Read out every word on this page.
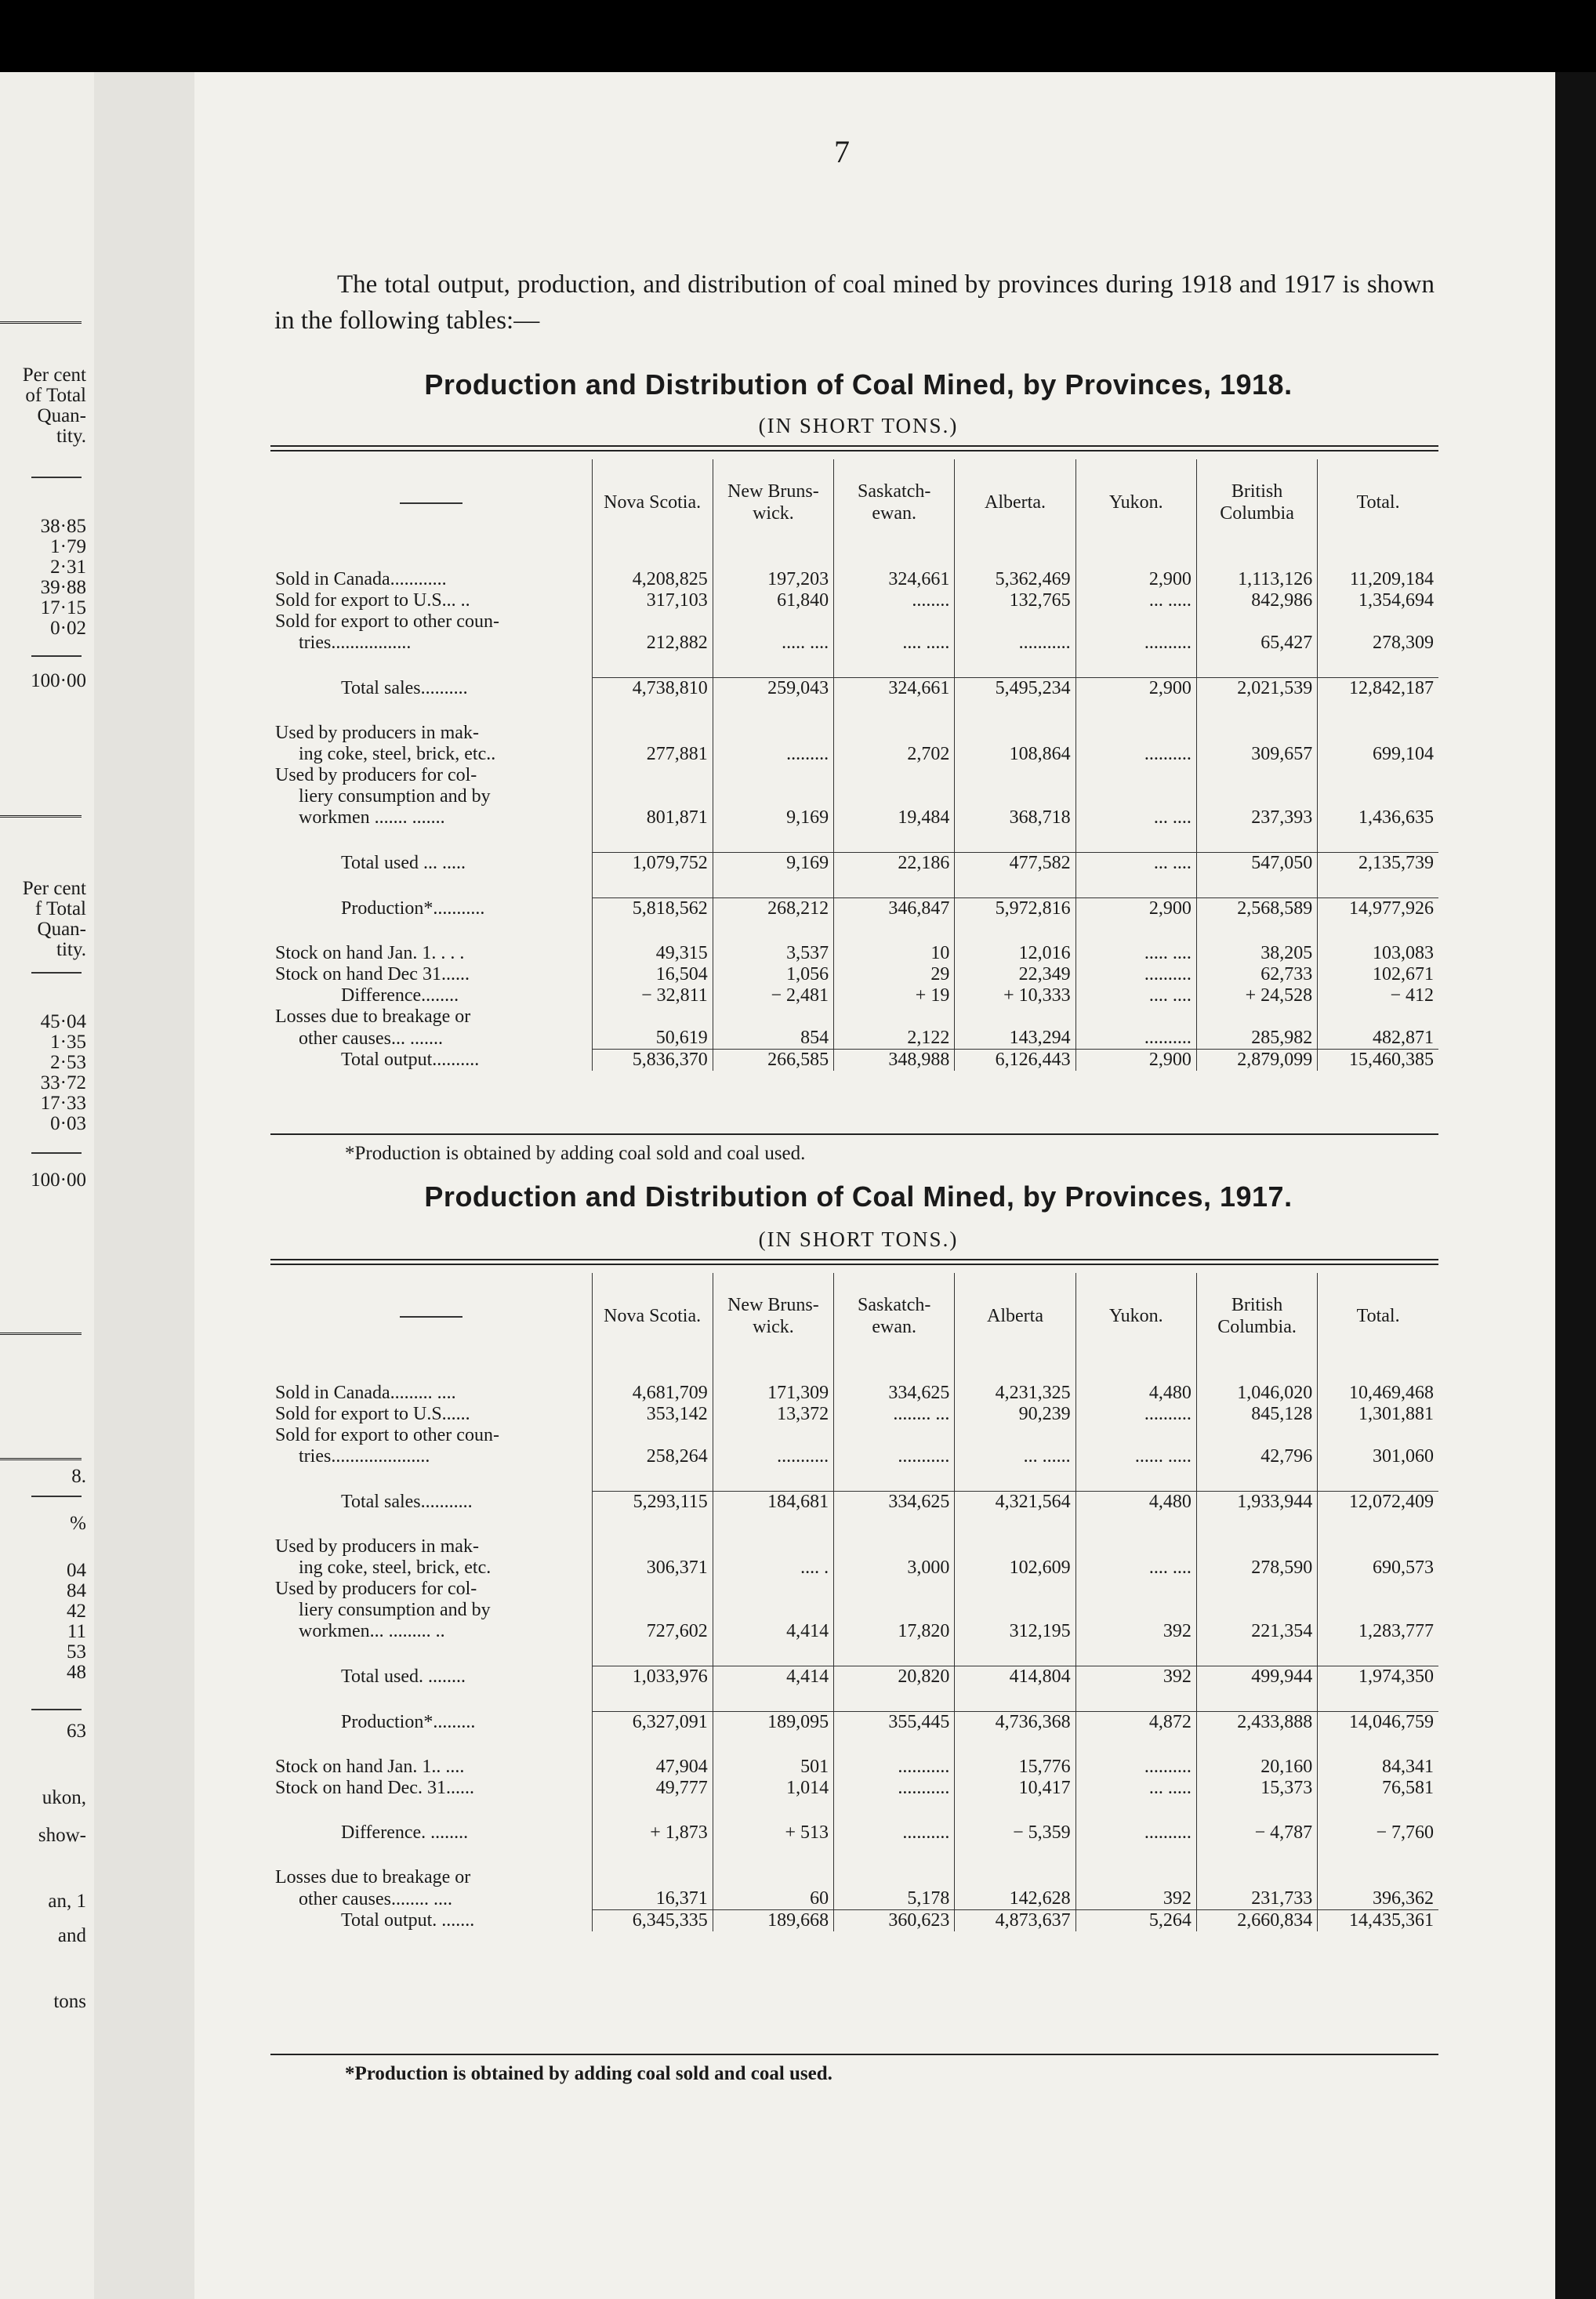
Per cent
of Total
Quan-
tity.
38·85
1·79
2·31
39·88
17·15
0·02
100·00
Per cent
f Total
Quan-
tity.
45·04
1·35
2·53
33·72
17·33
0·03
100·00
8.
%
04
84
42
11
53
48
63
ukon,
show-
an, 1
and
tons
7
The total output, production, and distribution of coal mined by provinces during 1918 and 1917 is shown in the following tables:—
Production and Distribution of Coal Mined, by Provinces, 1918.
(IN SHORT TONS.)
	Nova Scotia.	New Bruns-wick.	Saskatch-ewan.	Alberta.	Yukon.	British Columbia	Total.

Sold in Canada............	4,208,825	197,203	324,661	5,362,469	2,900	1,113,126	11,209,184
Sold for export to U.S... ..	317,103	61,840	........	132,765	... .....	842,986	1,354,694
Sold for export to other coun-							
tries.................	212,882	..... ....	.... .....	...........	..........	65,427	278,309

Total sales..........	4,738,810	259,043	324,661	5,495,234	2,900	2,021,539	12,842,187

Used by producers in mak-							
ing coke, steel, brick, etc..	277,881	.........	2,702	108,864	..........	309,657	699,104
Used by producers for col-							
liery consumption and by							
workmen ....... .......	801,871	9,169	19,484	368,718	... ....	237,393	1,436,635

Total used ... .....	1,079,752	9,169	22,186	477,582	... ....	547,050	2,135,739

Production*...........	5,818,562	268,212	346,847	5,972,816	2,900	2,568,589	14,977,926

Stock on hand Jan. 1. . . .	49,315	3,537	10	12,016	..... ....	38,205	103,083
Stock on hand Dec 31......	16,504	1,056	29	22,349	..........	62,733	102,671
Difference........	− 32,811	− 2,481	+ 19	+ 10,333	.... ....	+ 24,528	− 412
Losses due to breakage or							
other causes... .......	50,619	854	2,122	143,294	..........	285,982	482,871
Total output..........	5,836,370	266,585	348,988	6,126,443	2,900	2,879,099	15,460,385
*Production is obtained by adding coal sold and coal used.
Production and Distribution of Coal Mined, by Provinces, 1917.
(IN SHORT TONS.)
	Nova Scotia.	New Bruns-wick.	Saskatch-ewan.	Alberta	Yukon.	British Columbia.	Total.

Sold in Canada......... ....	4,681,709	171,309	334,625	4,231,325	4,480	1,046,020	10,469,468
Sold for export to U.S......	353,142	13,372	........ ...	90,239	..........	845,128	1,301,881
Sold for export to other coun-							
tries.....................	258,264	...........	...........	... ......	...... .....	42,796	301,060

Total sales...........	5,293,115	184,681	334,625	4,321,564	4,480	1,933,944	12,072,409

Used by producers in mak-							
ing coke, steel, brick, etc.	306,371	.... .	3,000	102,609	.... ....	278,590	690,573
Used by producers for col-							
liery consumption and by							
workmen... ......... ..	727,602	4,414	17,820	312,195	392	221,354	1,283,777

Total used. ........	1,033,976	4,414	20,820	414,804	392	499,944	1,974,350

Production*.........	6,327,091	189,095	355,445	4,736,368	4,872	2,433,888	14,046,759

Stock on hand Jan. 1.. ....	47,904	501	...........	15,776	..........	20,160	84,341
Stock on hand Dec. 31......	49,777	1,014	...........	10,417	... .....	15,373	76,581

Difference. ........	+ 1,873	+ 513	..........	− 5,359	..........	− 4,787	− 7,760

Losses due to breakage or							
other causes........ ....	16,371	60	5,178	142,628	392	231,733	396,362
Total output. .......	6,345,335	189,668	360,623	4,873,637	5,264	2,660,834	14,435,361
*Production is obtained by adding coal sold and coal used.
